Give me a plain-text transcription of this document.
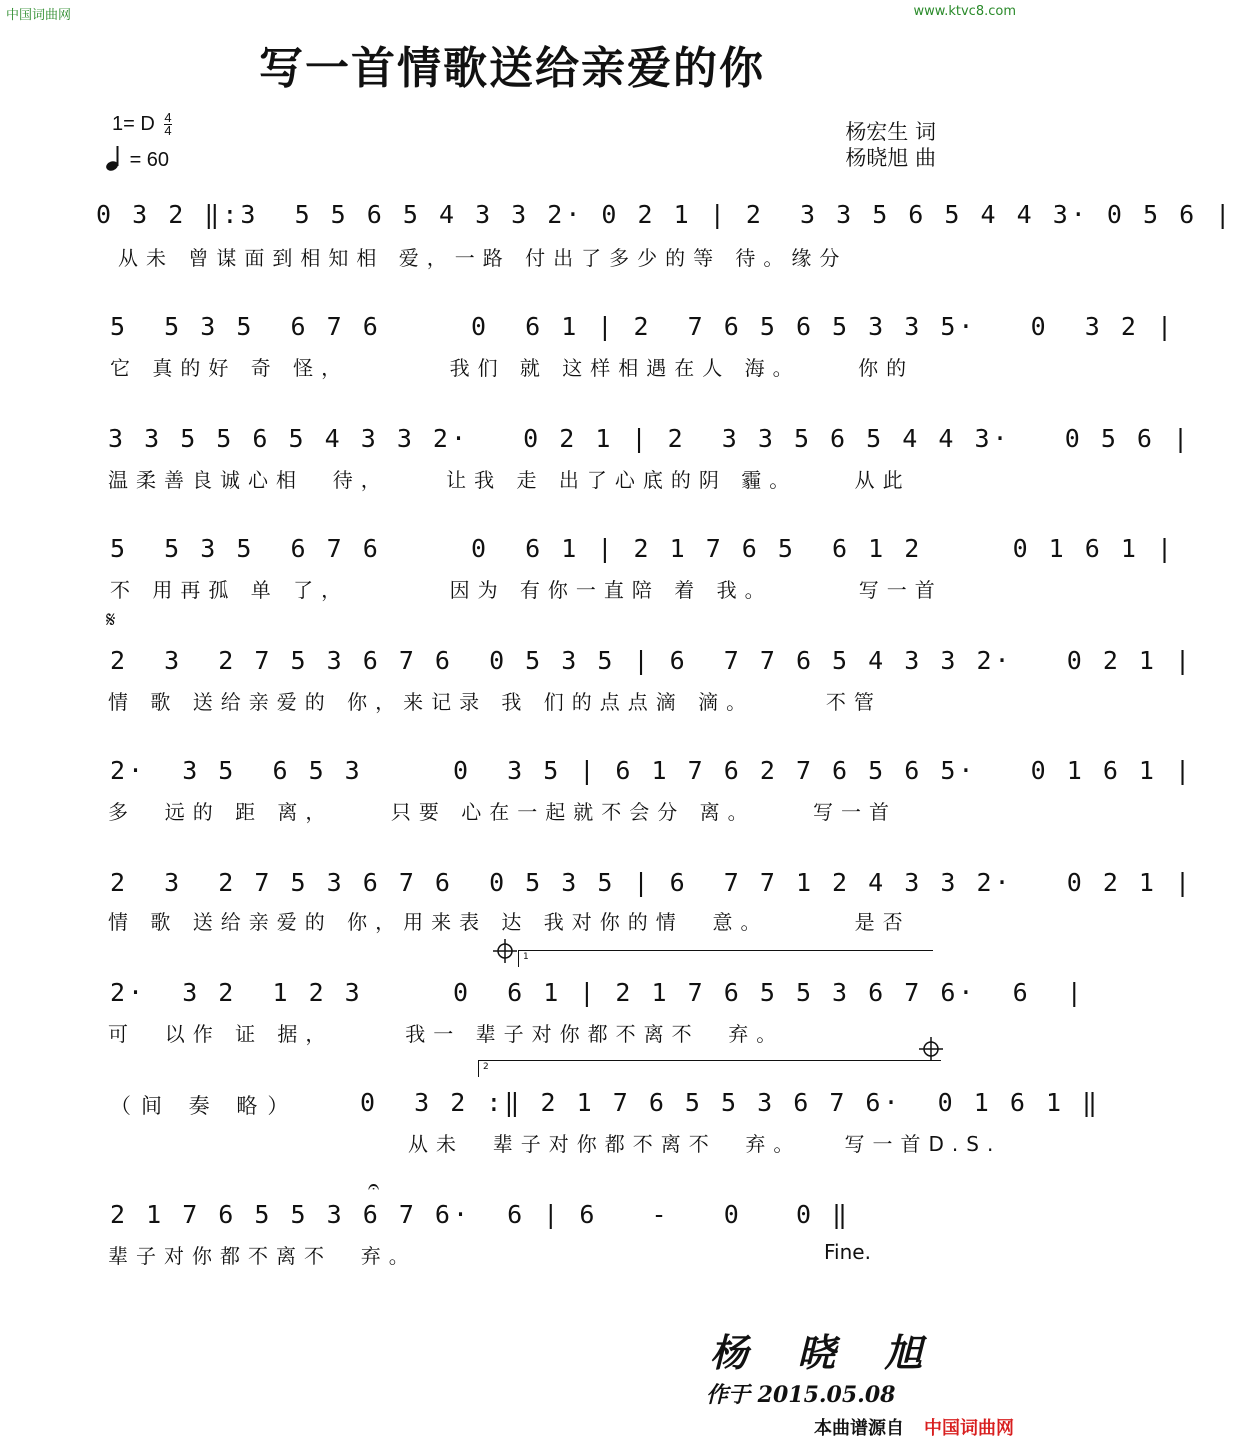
中国词曲网	www.ktvc8.com
写一首情歌送给亲爱的你
1= D $\frac{4}{4}$
= 60
杨宏生 词
杨晓旭 曲
0 3 2 ‖:3  5 5 6 5 4 3 3 2· 0 2 1 | 2  3 3 5 6 5 4 4 3· 0 5 6 |
从未 曾谋面到相知相 爱，一路 付出了多少的等 待。缘分
5  5 3 5  6 7 6     0  6 1 | 2  7 6 5 6 5 3 3 5·   0  3 2 |
它 真的好 奇 怪，       我们 就 这样相遇在人 海。    你的
3 3 5 5 6 5 4 3 3 2·   0 2 1 | 2  3 3 5 6 5 4 4 3·   0 5 6 |
温柔善良诚心相  待，    让我 走 出了心底的阴 霾。    从此
5  5 3 5  6 7 6     0  6 1 | 2 1 7 6 5  6 1 2     0 1 6 1 |
不 用再孤 单 了，       因为 有你一直陪 着 我。      写一首
𝄋
2  3  2 7 5 3 6 7 6  0 5 3 5 | 6  7 7 6 5 4 3 3 2·   0 2 1 |
情 歌 送给亲爱的 你，来记录 我 们的点点滴 滴。     不管
2·  3 5  6 5 3     0  3 5 | 6 1 7 6 2 7 6 5 6 5·   0 1 6 1 |
多  远的 距 离，    只要 心在一起就不会分 离。    写一首
2  3  2 7 5 3 6 7 6  0 5 3 5 | 6  7 7 1 2 4 3 3 2·   0 2 1 |
情 歌 送给亲爱的 你，用来表 达 我对你的情  意。      是否
1
2·  3 2  1 2 3     0  6 1 | 2 1 7 6 5 5 3 6 7 6·  6  |
可  以作 证 据，     我一 辈子对你都不离不  弃。
2
（间 奏 略） 0  3 2 :‖ 2 1 7 6 5 5 3 6 7 6·  0 1 6 1 ‖
从未  辈子对你都不离不  弃。   写一首D.S.
𝄐
2 1 7 6 5 5 3 6 7 6·  6 | 6   -   0   0 ‖
辈子对你都不离不  弃。	Fine.
杨 晓 旭
作于 2015.05.08
本曲谱源自 中国词曲网
